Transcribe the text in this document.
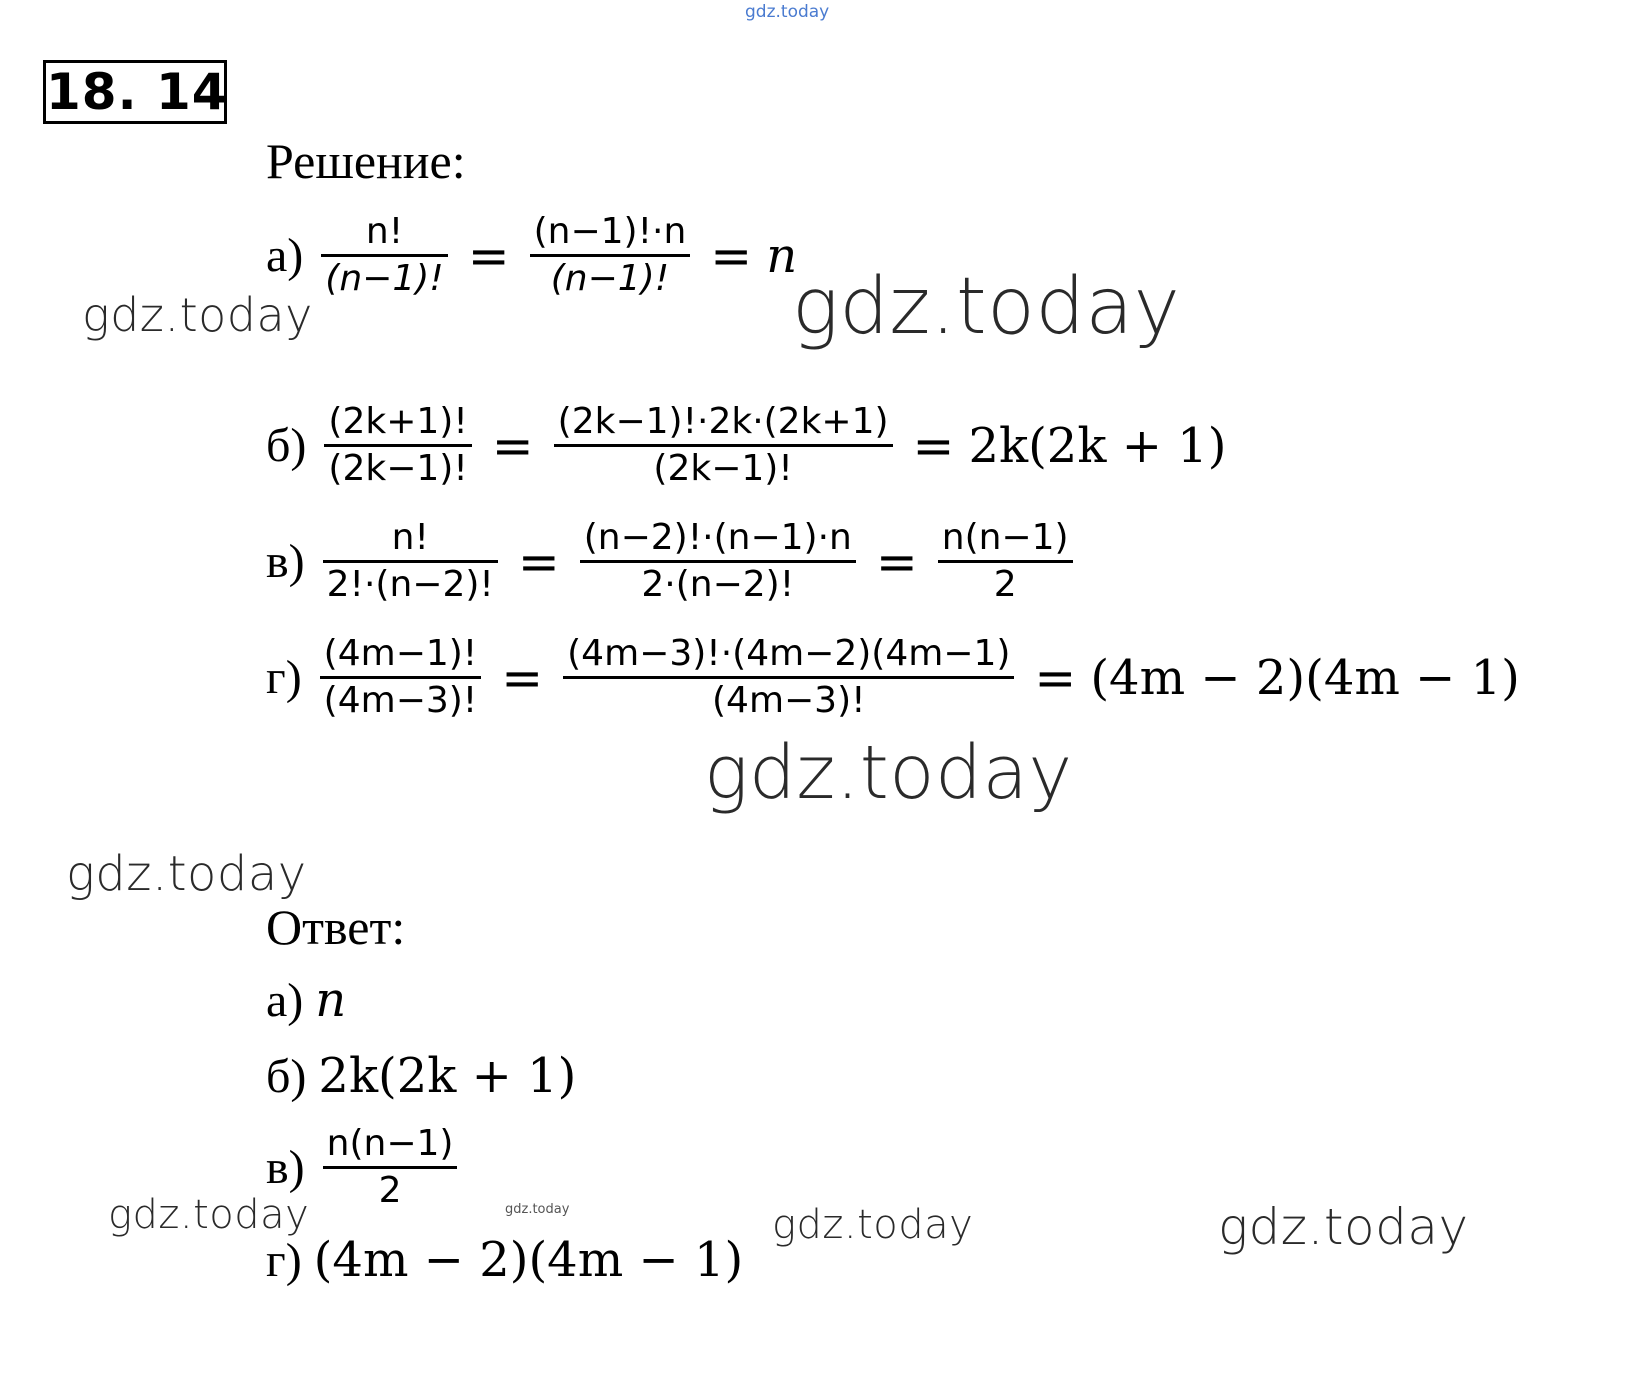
gdz.today
gdz.today	gdz.today
gdz.today
gdz.today
gdz.today	gdz.today	gdz.today
gdz.today
18. 14
Решение:
$а) \frac{n!}{(n-1)!} = \frac{(n-1)!\cdot n}{(n-1)!} = n$
$б) \frac{(2k+1)!}{(2k-1)!} = \frac{(2k-1)!\cdot 2k\cdot(2k+1)}{(2k-1)!} = 2k(2k + 1)$
$в) \frac{n!}{2!\cdot(n-2)!} = \frac{(n-2)!\cdot(n-1)\cdot n}{2\cdot(n-2)!} = \frac{n(n-1)}{2}$
$г) \frac{(4m-1)!}{(4m-3)!} = \frac{(4m-3)!\cdot(4m-2)(4m-1)}{(4m-3)!} = (4m - 2)(4m - 1)$
Ответ:
а) n
б) 2k(2k + 1)
$в) \frac{n(n-1)}{2}$
г) (4m − 2)(4m − 1)
